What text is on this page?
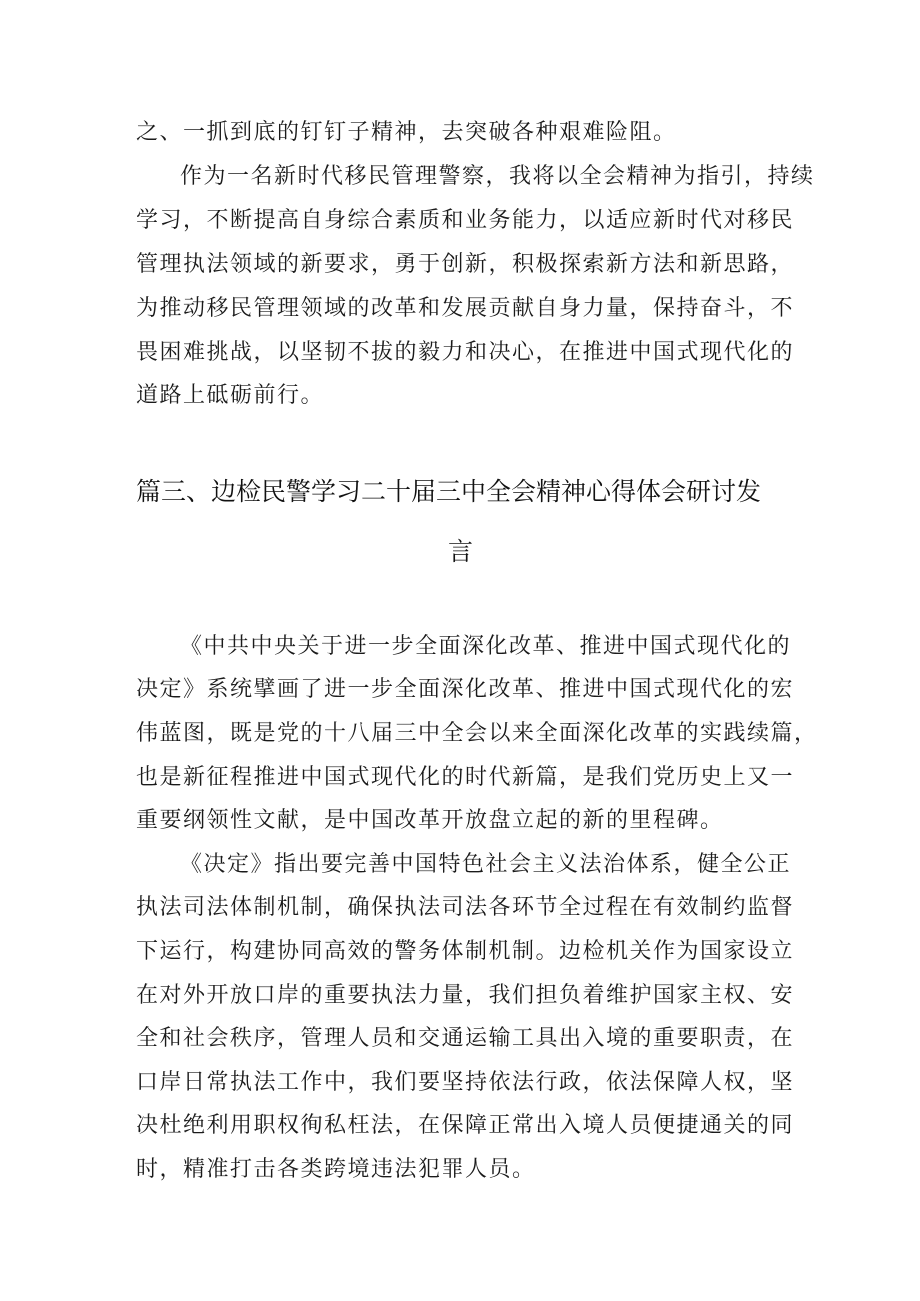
之、一抓到底的钉钉子精神，去突破各种艰难险阻。
作为一名新时代移民管理警察，我将以全会精神为指引，持续
学习，不断提高自身综合素质和业务能力，以适应新时代对移民
管理执法领域的新要求，勇于创新，积极探索新方法和新思路，
为推动移民管理领域的改革和发展贡献自身力量，保持奋斗，不
畏困难挑战，以坚韧不拔的毅力和决心，在推进中国式现代化的
道路上砥砺前行。
篇三、边检民警学习二十届三中全会精神心得体会研讨发
言
《中共中央关于进一步全面深化改革、推进中国式现代化的
决定》系统擘画了进一步全面深化改革、推进中国式现代化的宏
伟蓝图，既是党的十八届三中全会以来全面深化改革的实践续篇，
也是新征程推进中国式现代化的时代新篇，是我们党历史上又一
重要纲领性文献，是中国改革开放盘立起的新的里程碑。
《决定》指出要完善中国特色社会主义法治体系，健全公正
执法司法体制机制，确保执法司法各环节全过程在有效制约监督
下运行，构建协同高效的警务体制机制。边检机关作为国家设立
在对外开放口岸的重要执法力量，我们担负着维护国家主权、安
全和社会秩序，管理人员和交通运输工具出入境的重要职责，在
口岸日常执法工作中，我们要坚持依法行政，依法保障人权，坚
决杜绝利用职权徇私枉法，在保障正常出入境人员便捷通关的同
时，精准打击各类跨境违法犯罪人员。
